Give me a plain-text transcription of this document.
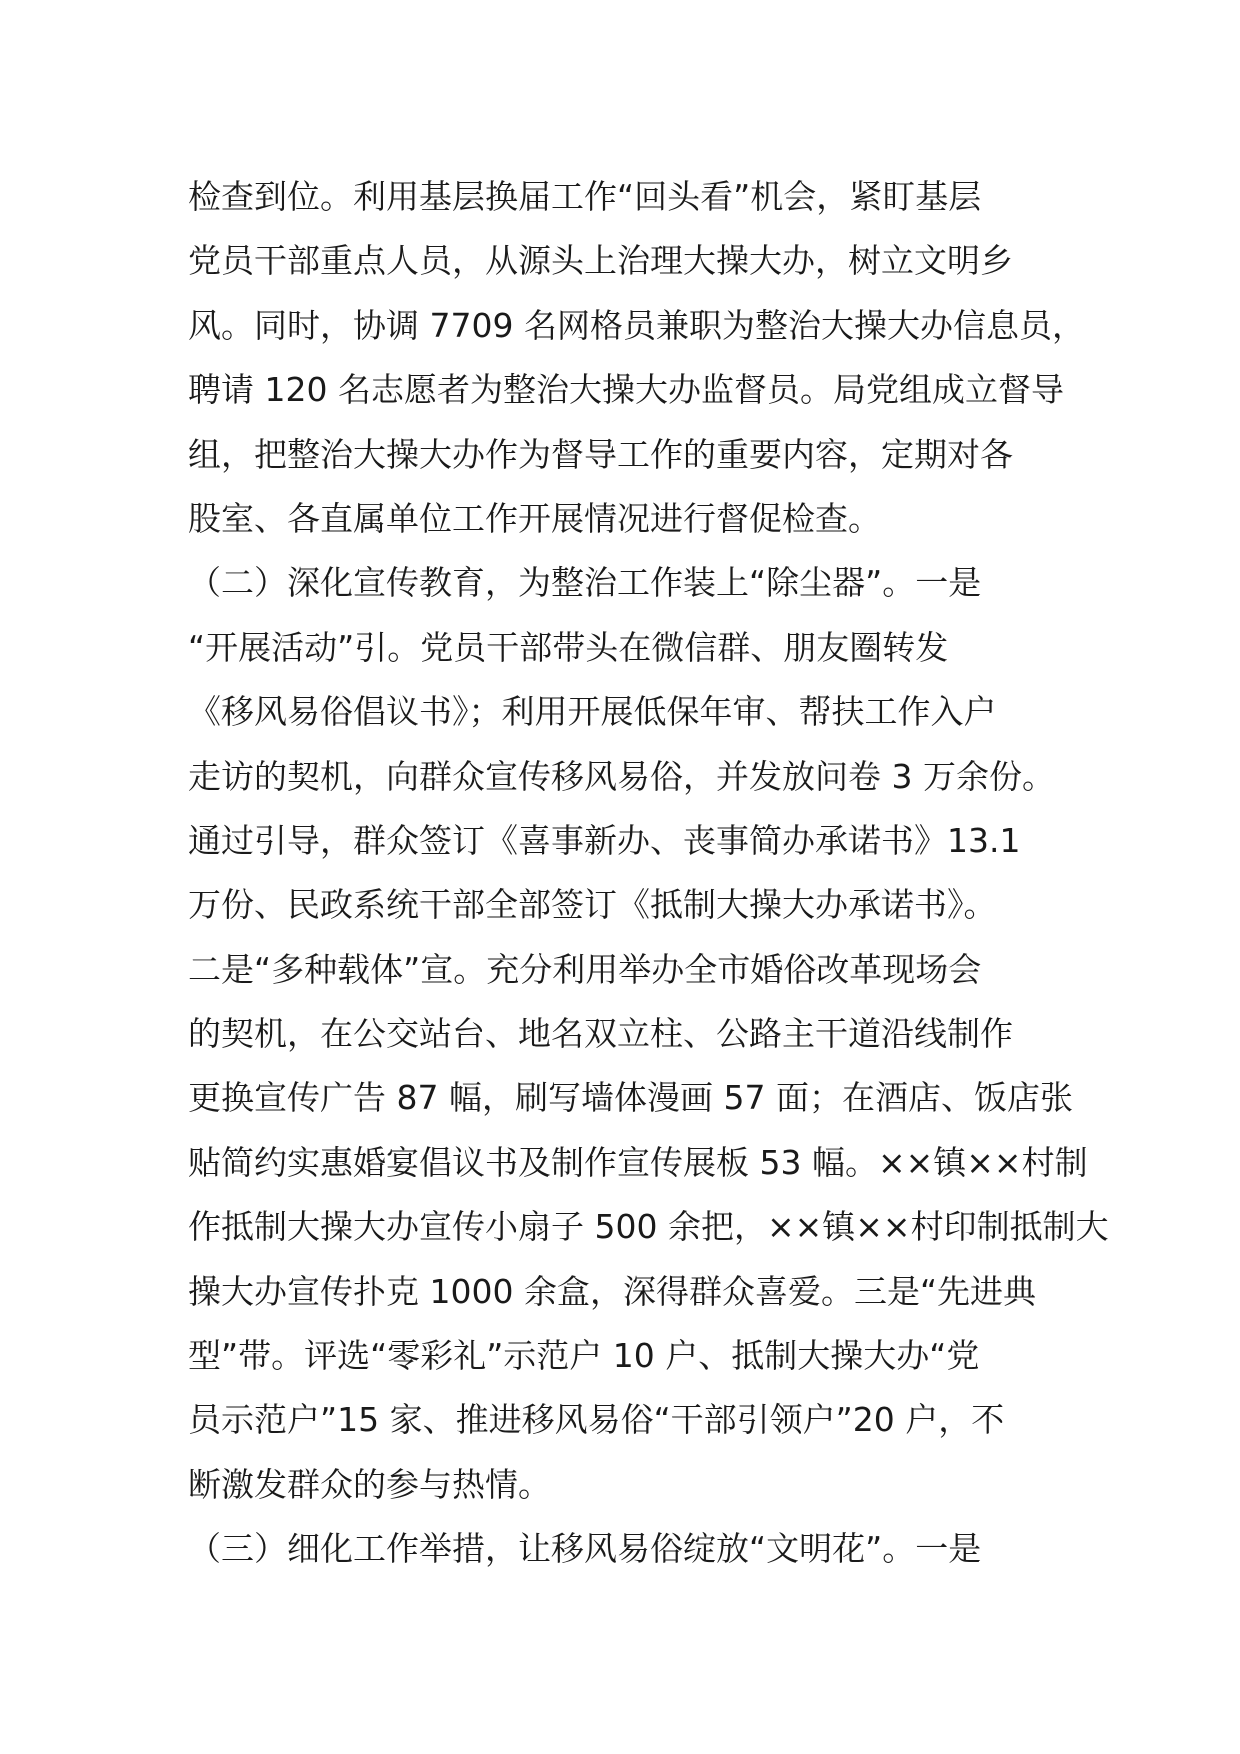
检查到位。利用基层换届工作“回头看”机会，紧盯基层
党员干部重点人员，从源头上治理大操大办，树立文明乡
风。同时，协调 7709 名网格员兼职为整治大操大办信息员，
聘请 120 名志愿者为整治大操大办监督员。局党组成立督导
组，把整治大操大办作为督导工作的重要内容，定期对各
股室、各直属单位工作开展情况进行督促检查。
（二）深化宣传教育，为整治工作装上“除尘器”。一是
“开展活动”引。党员干部带头在微信群、朋友圈转发
《移风易俗倡议书》；利用开展低保年审、帮扶工作入户
走访的契机，向群众宣传移风易俗，并发放问卷 3 万余份。
通过引导，群众签订《喜事新办、丧事简办承诺书》13.1
万份、民政系统干部全部签订《抵制大操大办承诺书》。
二是“多种载体”宣。充分利用举办全市婚俗改革现场会
的契机，在公交站台、地名双立柱、公路主干道沿线制作
更换宣传广告 87 幅，刷写墙体漫画 57 面；在酒店、饭店张
贴简约实惠婚宴倡议书及制作宣传展板 53 幅。××镇××村制
作抵制大操大办宣传小扇子 500 余把，××镇××村印制抵制大
操大办宣传扑克 1000 余盒，深得群众喜爱。三是“先进典
型”带。评选“零彩礼”示范户 10 户、抵制大操大办“党
员示范户”15 家、推进移风易俗“干部引领户”20 户，不
断激发群众的参与热情。
（三）细化工作举措，让移风易俗绽放“文明花”。一是
